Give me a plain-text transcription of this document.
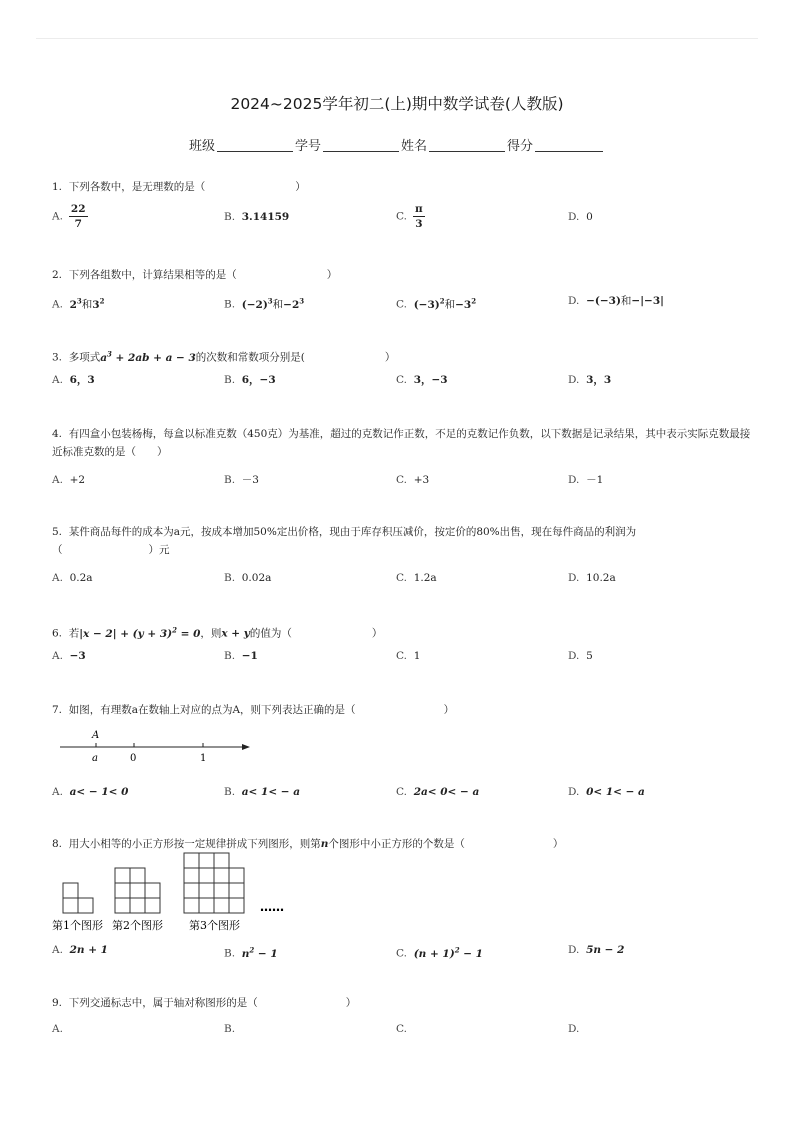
2024~2025学年初二(上)期中数学试卷(人教版)
班级	学号	姓名	得分

1. 下列各数中，是无理数的是（	）

A. $\frac{22}{7}$	B. 3.14159	C. $\frac{\pi}{3}$	D. 0

2. 下列各组数中，计算结果相等的是（	）

A. $2^3$和$3^2$	B. $(-2)^3$和$-2^3$	C. $(-3)^2$和$-3^2$	D. −(−3)和−|−3|

3. 多项式$a^3 + 2ab + a - 3$的次数和常数项分别是(	）

A. 6，3	B. 6，−3	C. 3，−3	D. 3，3

4. 有四盒小包装杨梅，每盒以标准克数（450克）为基准，超过的克数记作正数，不足的克数记作负数，以下数据是记录结果，其中表示实际克数最接近标准克数的是（　　）

A. +2	B. －3	C. +3	D. －1

5. 某件商品每件的成本为a元，按成本增加50%定出价格，现由于库存积压减价，按定价的80%出售，现在每件商品的利润为
（	）元

A. 0.2a	B. 0.02a	C. 1.2a	D. 10.2a

6. 若$|x - 2| + (y + 3)^2 = 0$，则x + y的值为（	）

A. −3	B. −1	C. 1	D. 5

7. 如图，有理数a在数轴上对应的点为A，则下列表达正确的是（	）

A
a	0	1
A. a< − 1< 0	B. a< 1< − a	C. 2a< 0< − a	D. 0< 1< − a

8. 用大小相等的小正方形按一定规律拼成下列图形，则第n个图形中小正方形的个数是（	）

……
第1个图形 第2个图形 第3个图形
A. 2n + 1	B. $n^2 - 1$	C. $(n + 1)^2 - 1$	D. 5n − 2

9. 下列交通标志中，属于轴对称图形的是（	）

A.	B.	C.	D.
